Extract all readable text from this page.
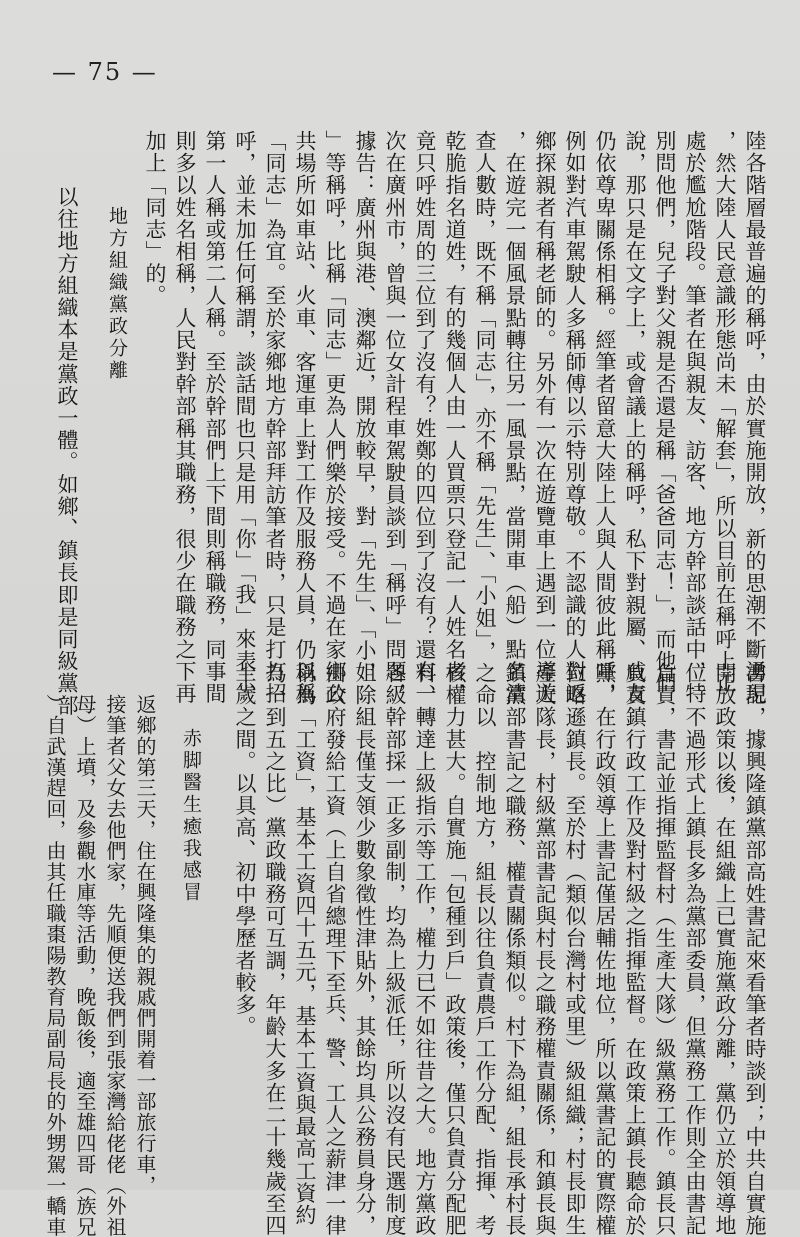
— 75 —
陸各階層最普遍的稱呼，由於實施開放，新的思潮不斷湧現
，然大陸人民意識形態尚未「解套」，所以目前在稱呼上正
處於尷尬階段。筆者在與親友、訪客、地方幹部談話中，特
別問他們，兒子對父親是否還是稱「爸爸同志！」，而他們
說，那只是在文字上，或會議上的稱呼，私下對親屬、戚友
仍依尊卑關係相稱。經筆者留意大陸上人與人間彼此稱呼，
例如對汽車駕駛人多稱師傅以示特別尊敬。不認識的人對返
鄉探親者有稱老師的。另外有一次在遊覽車上遇到一位導遊
，在遊完一個風景點轉往另一風景點，當開車（船）點名清
查人數時，既不稱「同志」，亦不稱「先生」、「小姐」，
乾脆指名道姓，有的幾個人由一人買票只登記一人姓名者，
竟只呼姓周的三位到了沒有？姓鄭的四位到了沒有？還有一
次在廣州市，曾與一位女計程車駕駛員談到「稱呼」問題，
據告：廣州與港、澳鄰近，開放較早，對「先生」、「小姐
」等稱呼，比稱「同志」更為人們樂於接受。不過在家鄉公
共場所如車站、火車、客運車上對工作及服務人員，仍以稱
「同志」為宜。至於家鄉地方幹部拜訪筆者時，只是打打招
呼，並未加任何稱謂，談話間也只是用「你」「我」來表示
第一人稱或第二人稱。至於幹部們上下間則稱職務，同事間
則多以姓名相稱，人民對幹部稱其職務，很少在職務之下再
加上「同志」的。
地方組織黨政分離
以往地方組織本是黨政一體。如鄉、鎮長即是同級黨部
書記，據興隆鎮黨部高姓書記來看筆者時談到；中共自實施
開放政策以後，在組織上已實施黨政分離，黨仍立於領導地
位。不過形式上鎮長多為黨部委員，但黨務工作則全由書記
負責，書記並指揮監督村（生產大隊）級黨務工作。鎮長只
負責鎮行政工作及對村級之指揮監督。在政策上鎮長聽命於
黨，在行政領導上書記僅居輔佐地位，所以黨書記的實際權
位略遜鎮長。至於村（類似台灣村或里）級組織；村長即生
產大隊長，村級黨部書記與村長之職務權責關係，和鎮長與
鎮黨部書記之職務、權責關係類似。村下為組，組長承村長
之命以　控制地方，組長以往負責農戶工作分配、指揮、考
核權力甚大。自實施「包種到戶」政策後，僅只負責分配肥
料、轉達上級指示等工作，權力已不如往昔之大。地方黨政
各級幹部採一正多副制，均為上級派任，所以沒有民選制度
，除組長僅支領少數象徵性津貼外，其餘均具公務員身分，
由政府發給工資（上自省總理下至兵、警、工人之薪津一律
稱為「工資」，基本工資四十五元，基本工資與最高工資約
為一到五之比）黨政職務可互調，年齡大多在二十幾歲至四
十歲之間。以具高、初中學歷者較多。
赤脚醫生癒我感冒
返鄉的第三天，住在興隆集的親戚們開着一部旅行車，
接筆者父女去他們家，先順便送我們到張家灣給佬佬（外祖
母）上墳，及參觀水庫等活動，晚飯後，適至雄四哥（族兄
）自武漢趕回，由其任職棗陽教育局副局長的外甥駕一轎車
